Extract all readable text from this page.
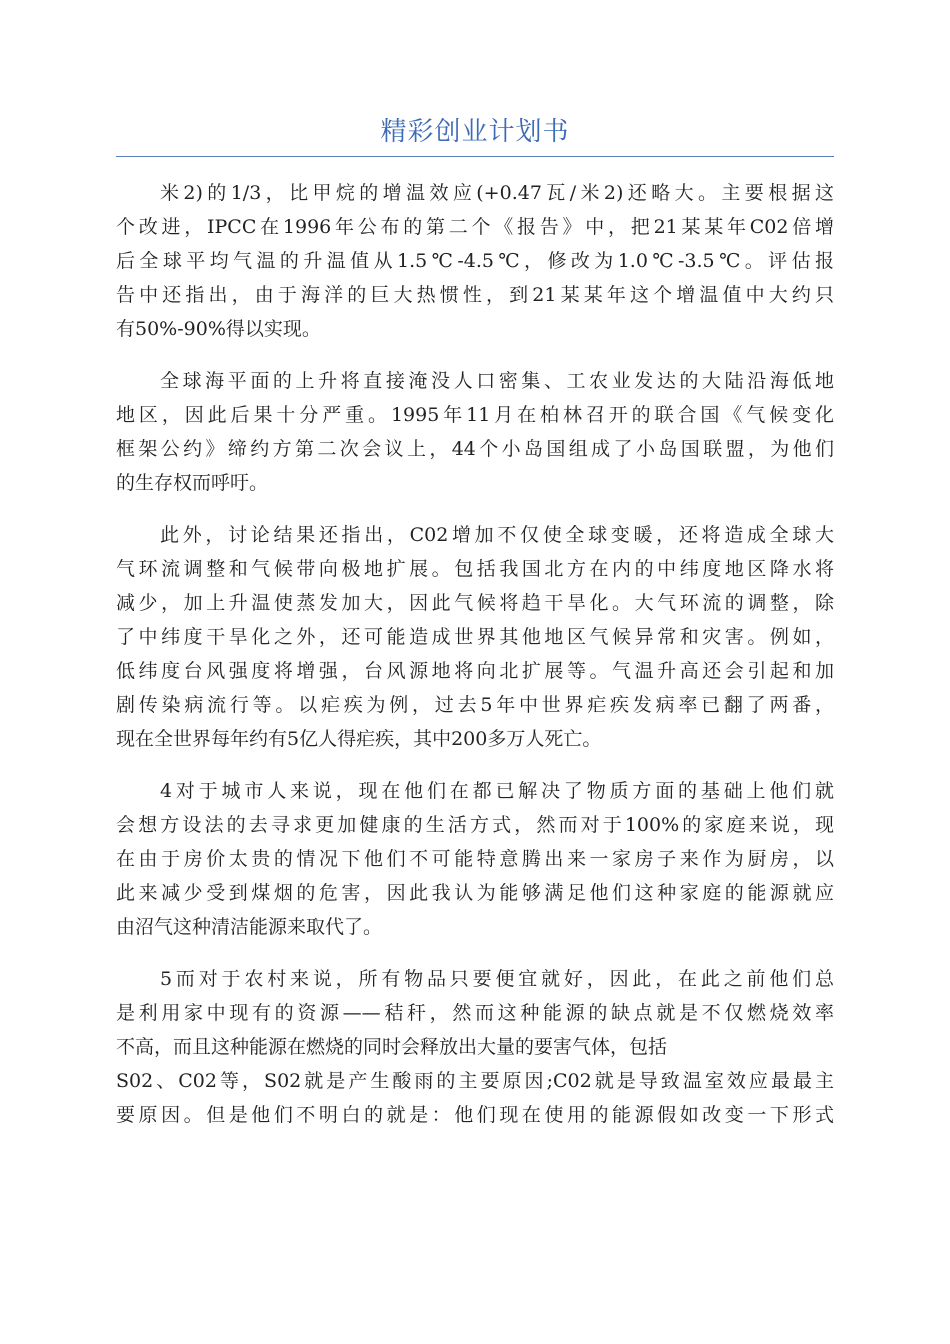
精彩创业计划书
米2)的1/3，比甲烷的增温效应(+0.47瓦/米2)还略大。主要根据这
个改进，IPCC在1996年公布的第二个《报告》中，把21某某年C02倍增
后全球平均气温的升温值从1.5℃-4.5℃，修改为1.0℃-3.5℃。评估报
告中还指出，由于海洋的巨大热惯性，到21某某年这个增温值中大约只
有50%-90%得以实现。
全球海平面的上升将直接淹没人口密集、工农业发达的大陆沿海低地
地区，因此后果十分严重。1995年11月在柏林召开的联合国《气候变化
框架公约》缔约方第二次会议上，44个小岛国组成了小岛国联盟，为他们
的生存权而呼吁。
此外，讨论结果还指出，C02增加不仅使全球变暖，还将造成全球大
气环流调整和气候带向极地扩展。包括我国北方在内的中纬度地区降水将
减少，加上升温使蒸发加大，因此气候将趋干旱化。大气环流的调整，除
了中纬度干旱化之外，还可能造成世界其他地区气候异常和灾害。例如，
低纬度台风强度将增强，台风源地将向北扩展等。气温升高还会引起和加
剧传染病流行等。以疟疾为例，过去5年中世界疟疾发病率已翻了两番，
现在全世界每年约有5亿人得疟疾，其中200多万人死亡。
4对于城市人来说，现在他们在都已解决了物质方面的基础上他们就
会想方设法的去寻求更加健康的生活方式，然而对于100%的家庭来说，现
在由于房价太贵的情况下他们不可能特意腾出来一家房子来作为厨房，以
此来减少受到煤烟的危害，因此我认为能够满足他们这种家庭的能源就应
由沼气这种清洁能源来取代了。
5而对于农村来说，所有物品只要便宜就好，因此，在此之前他们总
是利用家中现有的资源——秸秆，然而这种能源的缺点就是不仅燃烧效率
不高，而且这种能源在燃烧的同时会释放出大量的要害气体，包括
S02、C02等，S02就是产生酸雨的主要原因;C02就是导致温室效应最最主
要原因。但是他们不明白的就是：他们现在使用的能源假如改变一下形式
